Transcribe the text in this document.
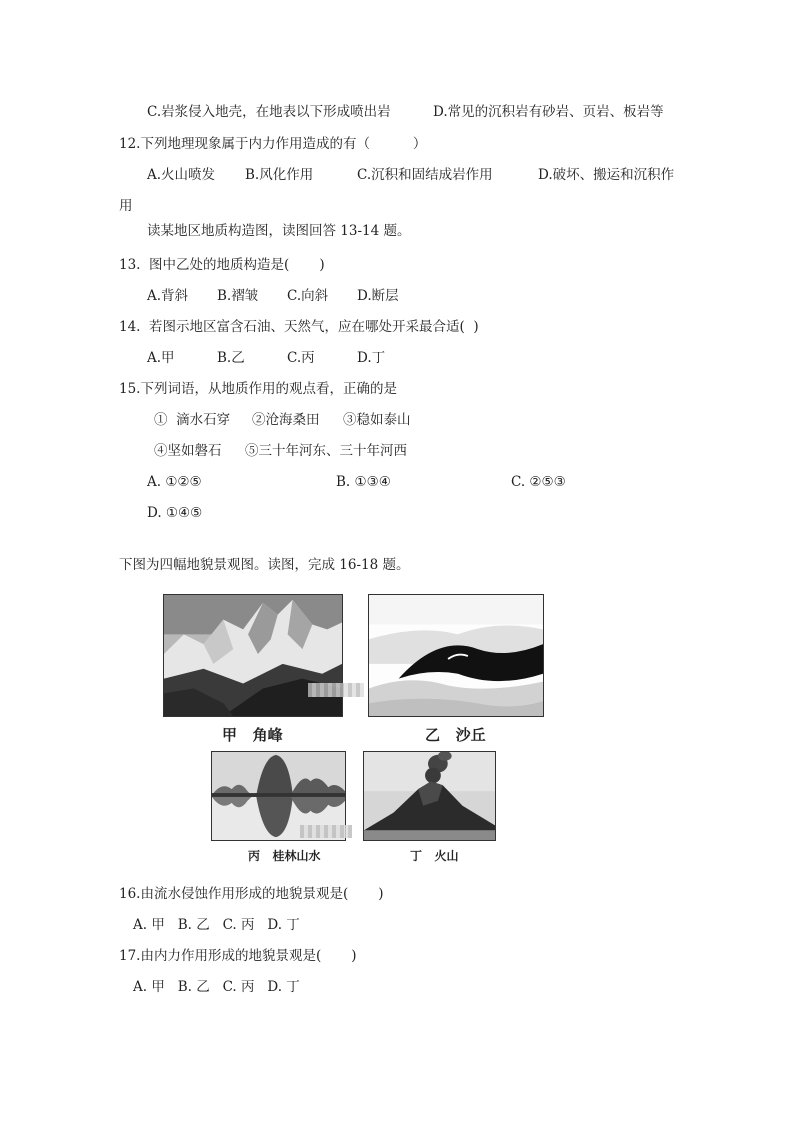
C.岩浆侵入地壳，在地表以下形成喷出岩	D.常见的沉积岩有砂岩、页岩、板岩等
12.下列地理现象属于内力作用造成的有（          ）
A.火山喷发 B.风化作用	C.沉积和固结成岩作用	D.破坏、搬运和沉积作
用
读某地区地质构造图，读图回答 13-14 题。
13.  图中乙处的地质构造是(       )
A.背斜 B.褶皱 C.向斜 D.断层
14.  若图示地区富含石油、天然气，应在哪处开采最合适(  )
A.甲	B.乙	C.丙	D.丁
15.下列词语，从地质作用的观点看，正确的是
①  滴水石穿 ②沧海桑田 ③稳如泰山
④坚如磐石 ⑤三十年河东、三十年河西
A. ①②⑤	B. ①③④	C. ②⑤③
D. ①④⑤
下图为四幅地貌景观图。读图，完成 16-18 题。
甲   角峰	乙   沙丘
丙   桂林山水	丁   火山
16.由流水侵蚀作用形成的地貌景观是(       )
A. 甲   B. 乙   C. 丙   D. 丁
17.由内力作用形成的地貌景观是(       )
A. 甲   B. 乙   C. 丙   D. 丁
